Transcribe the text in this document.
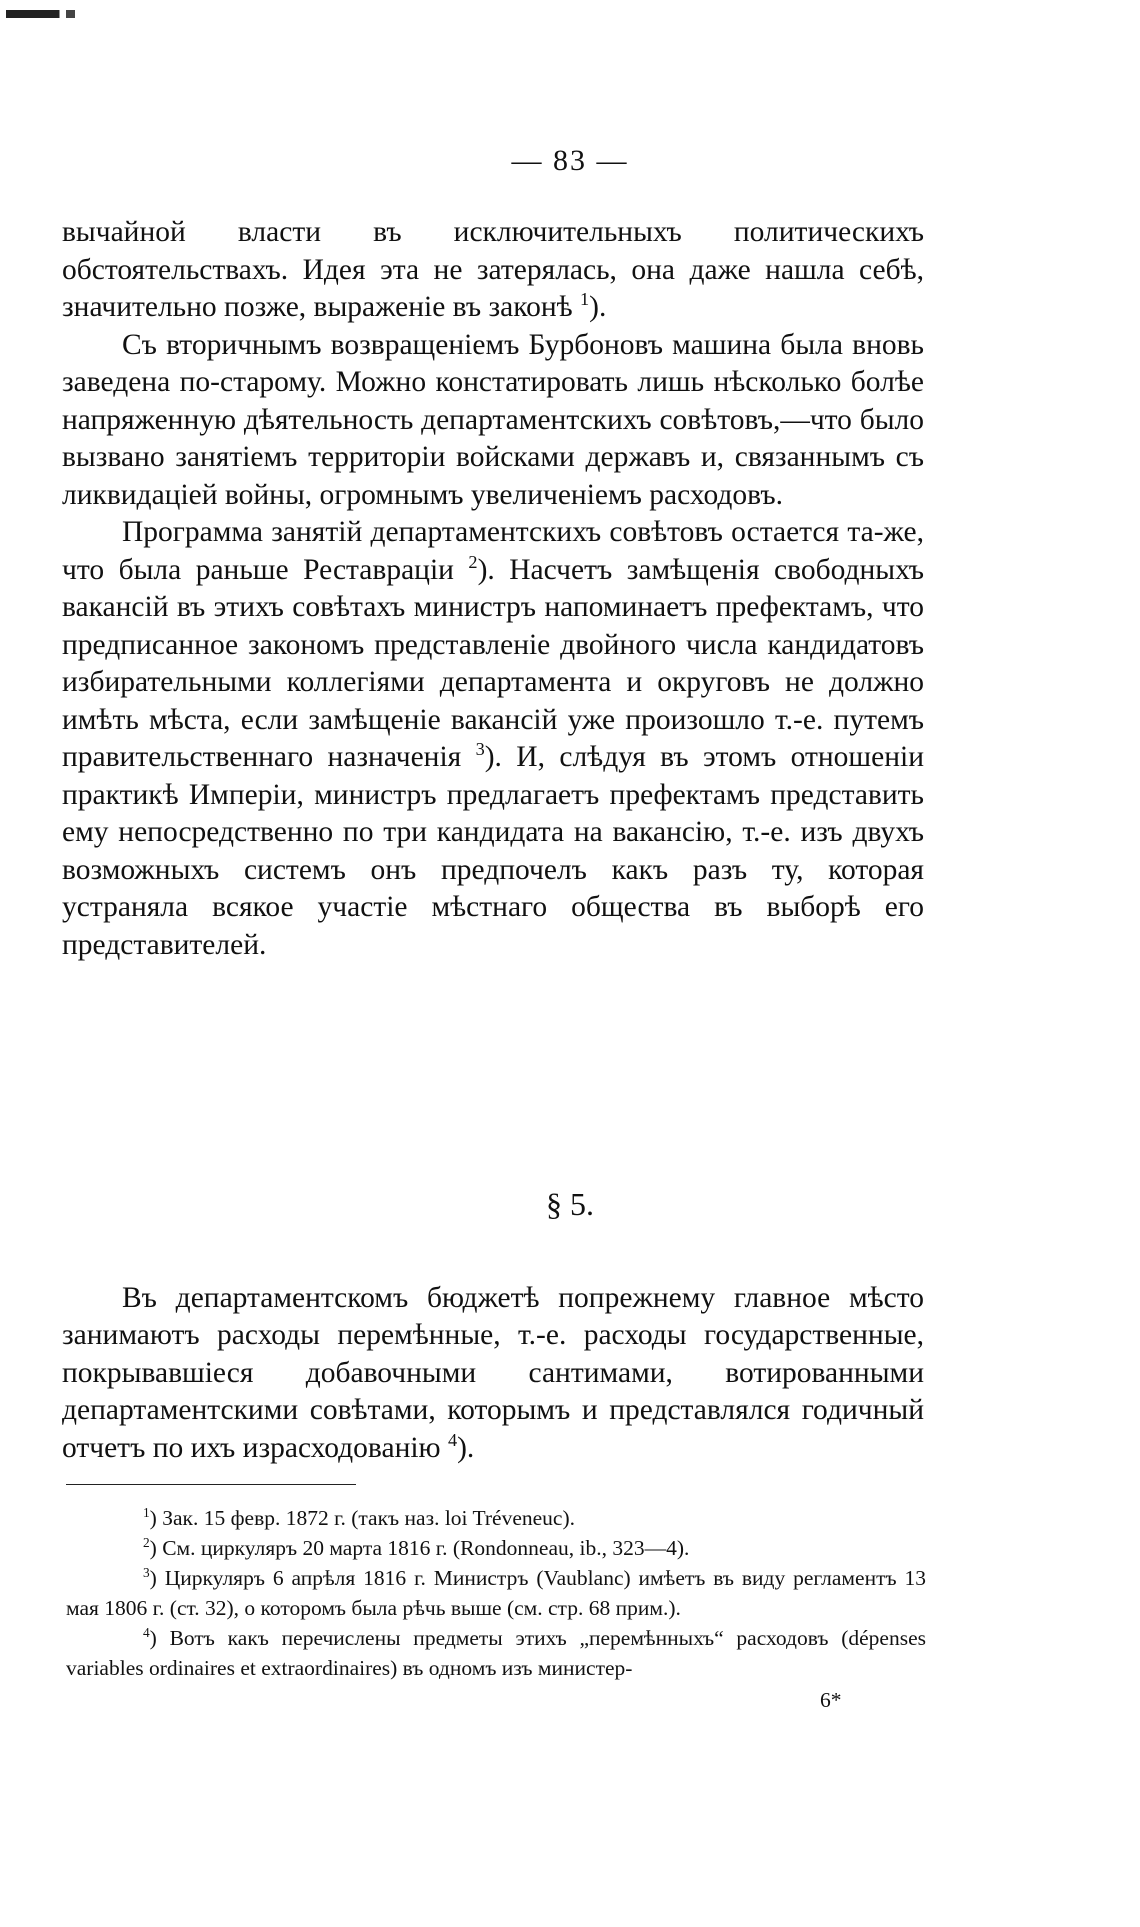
— 83 —

вычайной власти въ исключительныхъ политическихъ обстоятельствахъ. Идея эта не затерялась, она даже нашла себѣ, значительно позже, выраженіе въ законѣ $^1$).

Съ вторичнымъ возвращеніемъ Бурбоновъ машина была вновь заведена по-старому. Можно констатировать лишь нѣсколько болѣе напряженную дѣятельность департаментскихъ совѣтовъ,—что было вызвано занятіемъ территоріи войсками державъ и, связаннымъ съ ликвидаціей войны, огромнымъ увеличеніемъ расходовъ.

Программа занятій департаментскихъ совѣтовъ остается та-же, что была раньше Реставраціи $^2$). Насчетъ замѣщенія свободныхъ вакансій въ этихъ совѣтахъ министръ напоминаетъ префектамъ, что предписанное закономъ представленіе двойного числа кандидатовъ избирательными коллегіями департамента и округовъ не должно имѣть мѣста, если замѣщеніе вакансій уже произошло т.-е. путемъ правительственнаго назначенія $^3$). И, слѣдуя въ этомъ отношеніи практикѣ Имперіи, министръ предлагаетъ префектамъ представить ему непосредственно по три кандидата на вакансію, т.-е. изъ двухъ возможныхъ системъ онъ предпочелъ какъ разъ ту, которая устраняла всякое участіе мѣстнаго общества въ выборѣ его представителей.

§ 5.

Въ департаментскомъ бюджетѣ попрежнему главное мѣсто занимаютъ расходы перемѣнные, т.-е. расходы государственные, покрывавшіеся добавочными сантимами, вотированными департаментскими совѣтами, которымъ и представлялся годичный отчетъ по ихъ израсходованію $^4$).

$^1$) Зак. 15 февр. 1872 г. (такъ наз. loi Tréveneuc).

$^2$) См. циркуляръ 20 марта 1816 г. (Rondonneau, ib., 323—4).

$^3$) Циркуляръ 6 апрѣля 1816 г. Министръ (Vaublanc) имѣетъ въ виду регламентъ 13 мая 1806 г. (ст. 32), о которомъ была рѣчь выше (см. стр. 68 прим.).

$^4$) Вотъ какъ перечислены предметы этихъ „перемѣнныхъ“ расходовъ (dépenses variables ordinaires et extraordinaires) въ одномъ изъ министер-

6*
